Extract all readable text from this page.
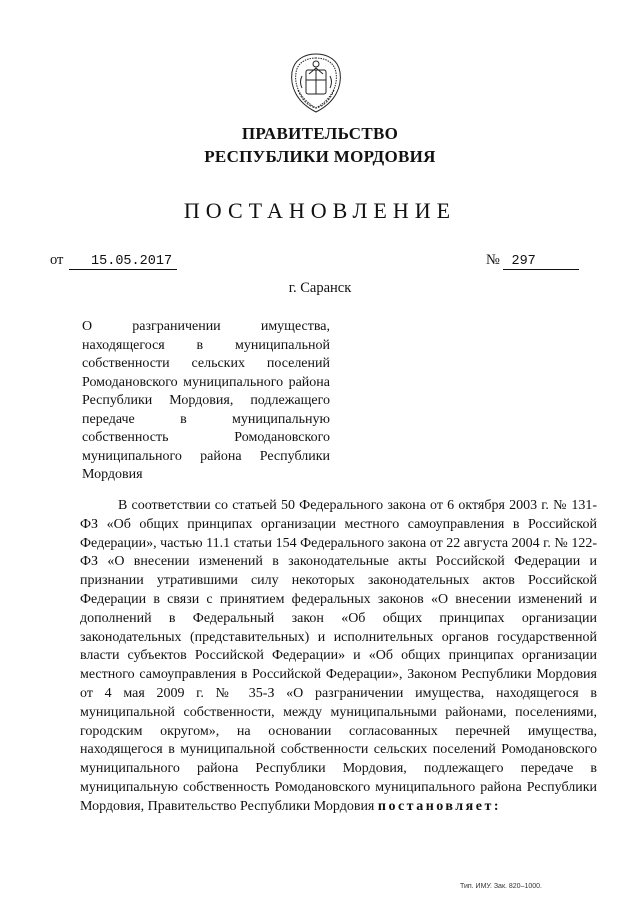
ПРАВИТЕЛЬСТВО
РЕСПУБЛИКИ МОРДОВИЯ
ПОСТАНОВЛЕНИЕ
от 15.05.2017	№ 297
г. Саранск
О разграничении имущества, находящегося в муниципальной собственности сельских поселений Ромодановского муниципального района Республики Мордовия, подлежащего передаче в муниципальную собственность Ромодановского муниципального района Республики Мордовия
В соответствии со статьей 50 Федерального закона от 6 октября 2003 г. № 131-ФЗ «Об общих принципах организации местного самоуправления в Российской Федерации», частью 11.1 статьи 154 Федерального закона от 22 августа 2004 г. № 122-ФЗ «О внесении изменений в законодательные акты Российской Федерации и признании утратившими силу некоторых законодательных актов Российской Федерации в связи с принятием федеральных законов «О внесении изменений и дополнений в Федеральный закон «Об общих принципах организации законодательных (представительных) и исполнительных органов государственной власти субъектов Российской Федерации» и «Об общих принципах организации местного самоуправления в Российской Федерации», Законом Республики Мордовия от 4 мая 2009 г. № 35-З «О разграничении имущества, находящегося в муниципальной собственности, между муниципальными районами, поселениями, городским округом», на основании согласованных перечней имущества, находящегося в муниципальной собственности сельских поселений Ромодановского муниципального района Республики Мордовия, подлежащего передаче в муниципальную собственность Ромодановского муниципального района Республики Мордовия, Правительство Республики Мордовия постановляет:
Тип. ИМУ. Зак. 820–1000.
